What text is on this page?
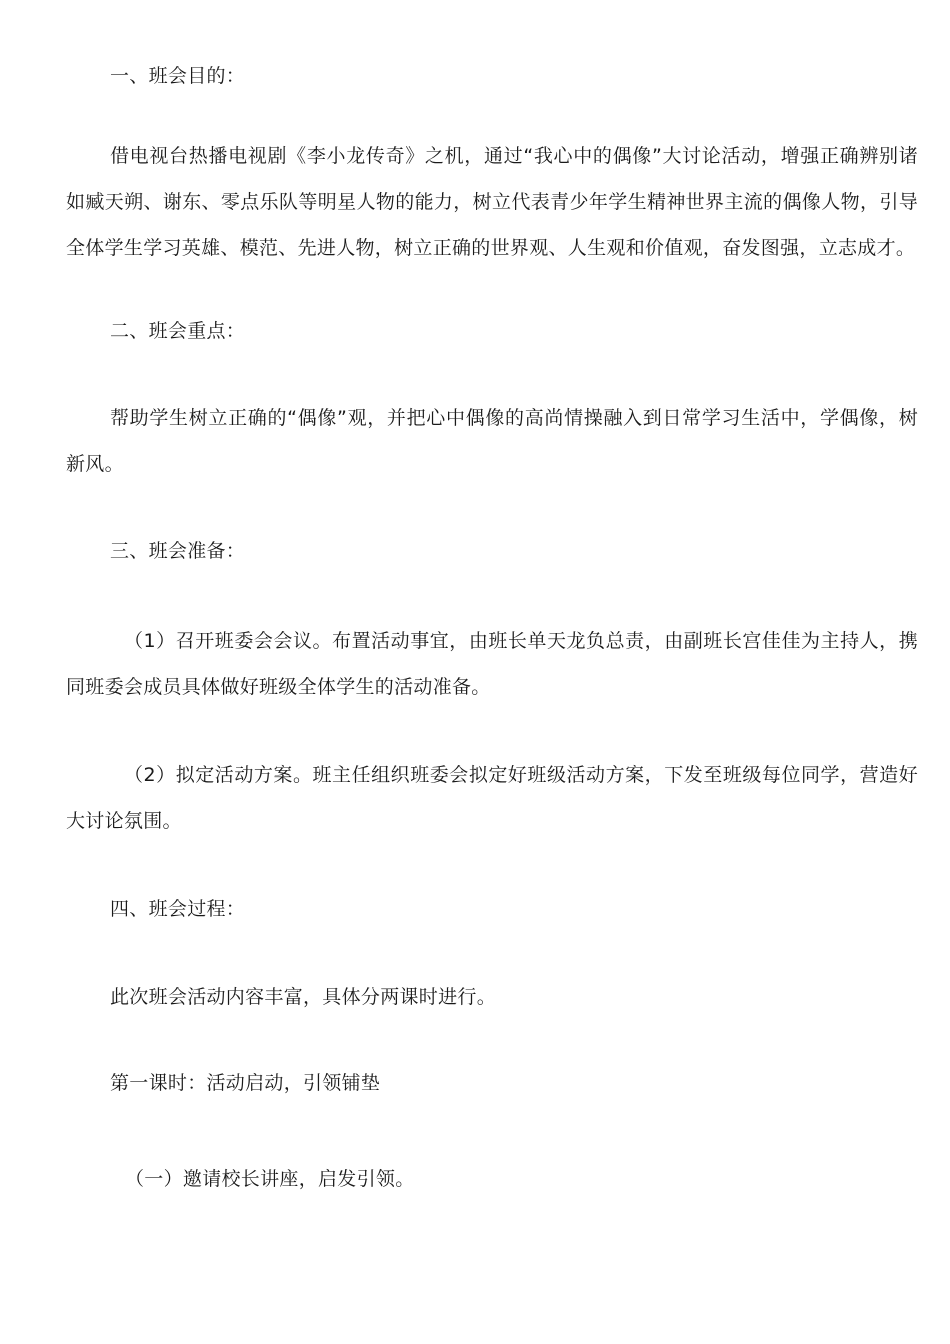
一、班会目的：

借电视台热播电视剧《李小龙传奇》之机，通过“我心中的偶像”大讨论活动，增强正确辨别诸如臧天朔、谢东、零点乐队等明星人物的能力，树立代表青少年学生精神世界主流的偶像人物，引导全体学生学习英雄、模范、先进人物，树立正确的世界观、人生观和价值观，奋发图强，立志成才。

二、班会重点：

帮助学生树立正确的“偶像”观，并把心中偶像的高尚情操融入到日常学习生活中，学偶像，树新风。

三、班会准备：

（1）召开班委会会议。布置活动事宜，由班长单天龙负总责，由副班长宫佳佳为主持人，携同班委会成员具体做好班级全体学生的活动准备。

（2）拟定活动方案。班主任组织班委会拟定好班级活动方案，下发至班级每位同学，营造好大讨论氛围。

四、班会过程：

此次班会活动内容丰富，具体分两课时进行。

第一课时：活动启动，引领铺垫

（一）邀请校长讲座，启发引领。
